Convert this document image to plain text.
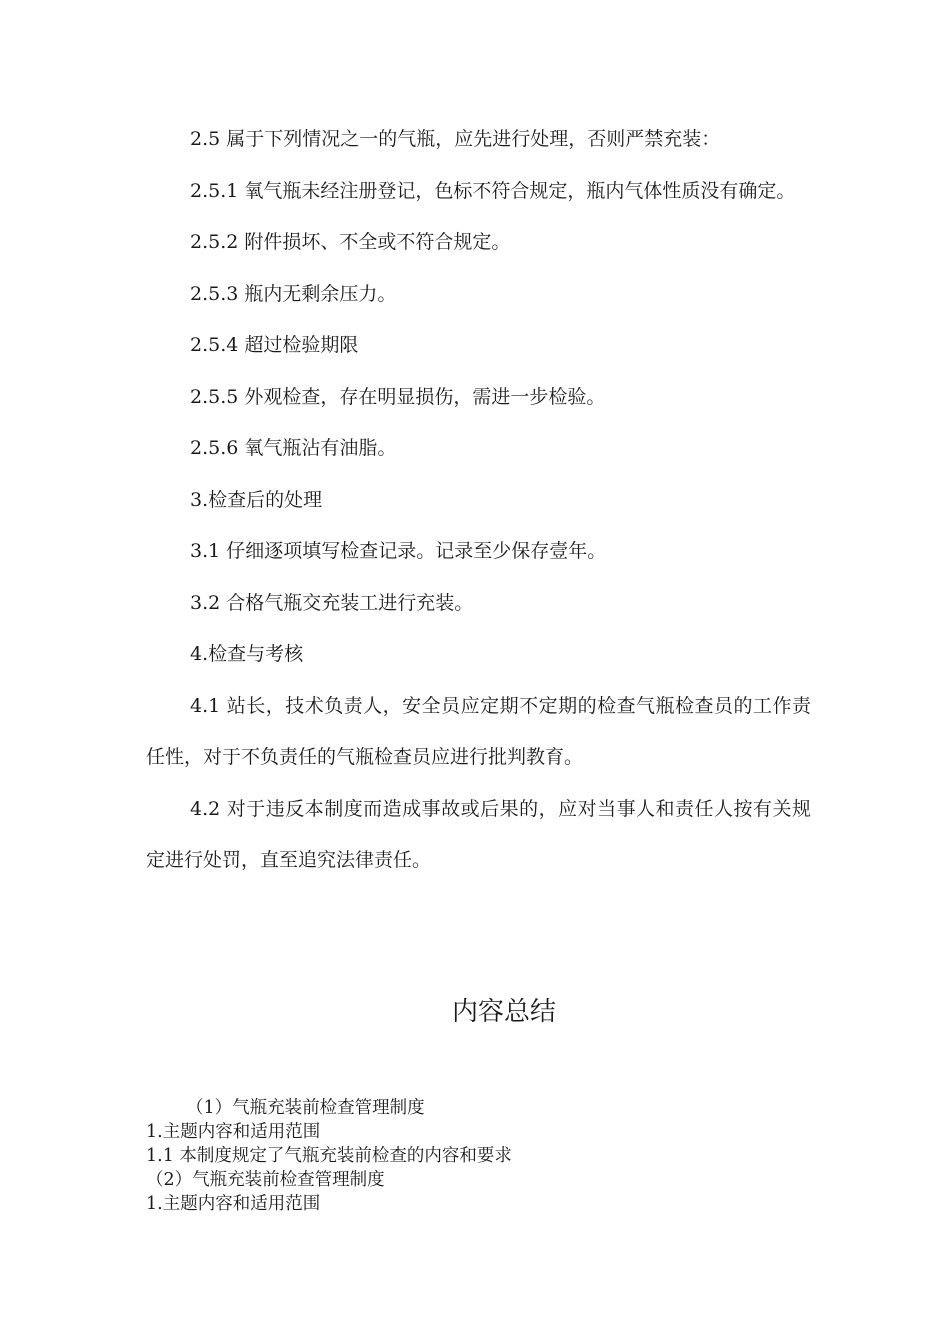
2.5 属于下列情况之一的气瓶，应先进行处理，否则严禁充装：

2.5.1 氧气瓶未经注册登记，色标不符合规定，瓶内气体性质没有确定。

2.5.2 附件损坏、不全或不符合规定。

2.5.3 瓶内无剩余压力。

2.5.4 超过检验期限

2.5.5 外观检查，存在明显损伤，需进一步检验。

2.5.6 氧气瓶沾有油脂。

3.检查后的处理

3.1 仔细逐项填写检查记录。记录至少保存壹年。

3.2 合格气瓶交充装工进行充装。

4.检查与考核

4.1 站长，技术负责人，安全员应定期不定期的检查气瓶检查员的工作责任性，对于不负责任的气瓶检查员应进行批判教育。

4.2 对于违反本制度而造成事故或后果的，应对当事人和责任人按有关规定进行处罚，直至追究法律责任。

内容总结

（1）气瓶充装前检查管理制度

1.主题内容和适用范围

1.1 本制度规定了气瓶充装前检查的内容和要求

（2）气瓶充装前检查管理制度

1.主题内容和适用范围
